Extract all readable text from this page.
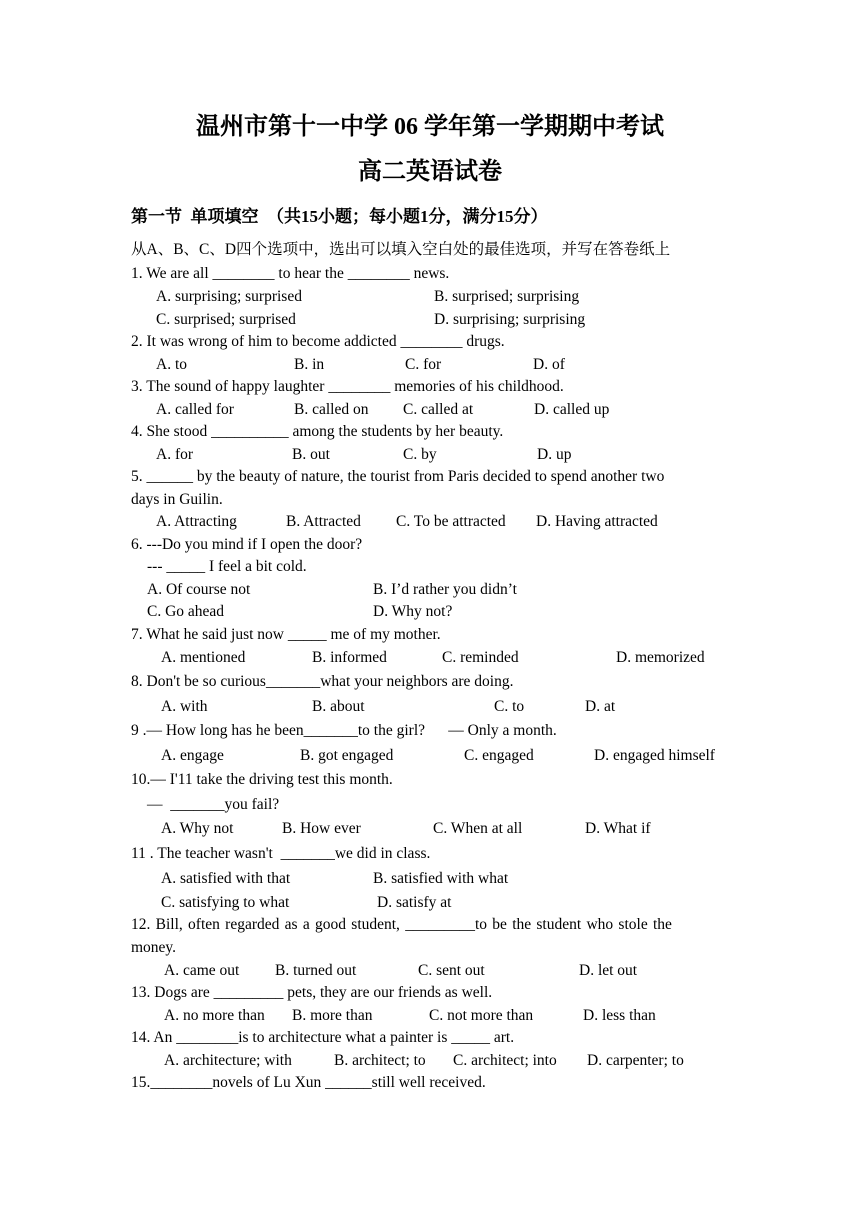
温州市第十一中学 06 学年第一学期期中考试
高二英语试卷
第一节  单项填空  （共15小题；每小题1分，满分15分）
从A、B、C、D四个选项中，选出可以填入空白处的最佳选项，并写在答卷纸上
1. We are all ________ to hear the ________ news.
A. surprising; surprised	B. surprised; surprising
C. surprised; surprised	D. surprising; surprising
2. It was wrong of him to become addicted ________ drugs.
A. to	B. in	C. for	D. of
3. The sound of happy laughter ________ memories of his childhood.
A. called for	B. called on C. called at	D. called up
4. She stood __________ among the students by her beauty.
A. for	B. out	C. by	D. up
5. ______ by the beauty of nature, the tourist from Paris decided to spend another two
days in Guilin.
A. Attracting	B. Attracted C. To be attracted D. Having attracted
6. ---Do you mind if I open the door?
--- _____ I feel a bit cold.
A. Of course not	B. I’d rather you didn’t
C. Go ahead	D. Why not?
7. What he said just now _____ me of my mother.
A. mentioned	B. informed	C. reminded	D. memorized
8. Don't be so curious_______what your neighbors are doing.
A. with	B. about	C. to	D. at
9 .— How long has he been_______to the girl?      — Only a month.
A. engage	B. got engaged	C. engaged	D. engaged himself
10.— I'11 take the driving test this month.
—  _______you fail?
A. Why not	B. How ever	C. When at all	D. What if
11 . The teacher wasn't  _______we did in class.
A. satisfied with that	B. satisfied with what
C. satisfying to what	D. satisfy at
12. Bill, often regarded as a good student, _________to be the student who stole the
money.
A. came out B. turned out	C. sent out	D. let out
13. Dogs are _________ pets, they are our friends as well.
A. no more than B. more than	C. not more than	D. less than
14. An ________is to architecture what a painter is _____ art.
A. architecture; with	B. architect; to C. architect; into D. carpenter; to
15.________novels of Lu Xun ______still well received.
